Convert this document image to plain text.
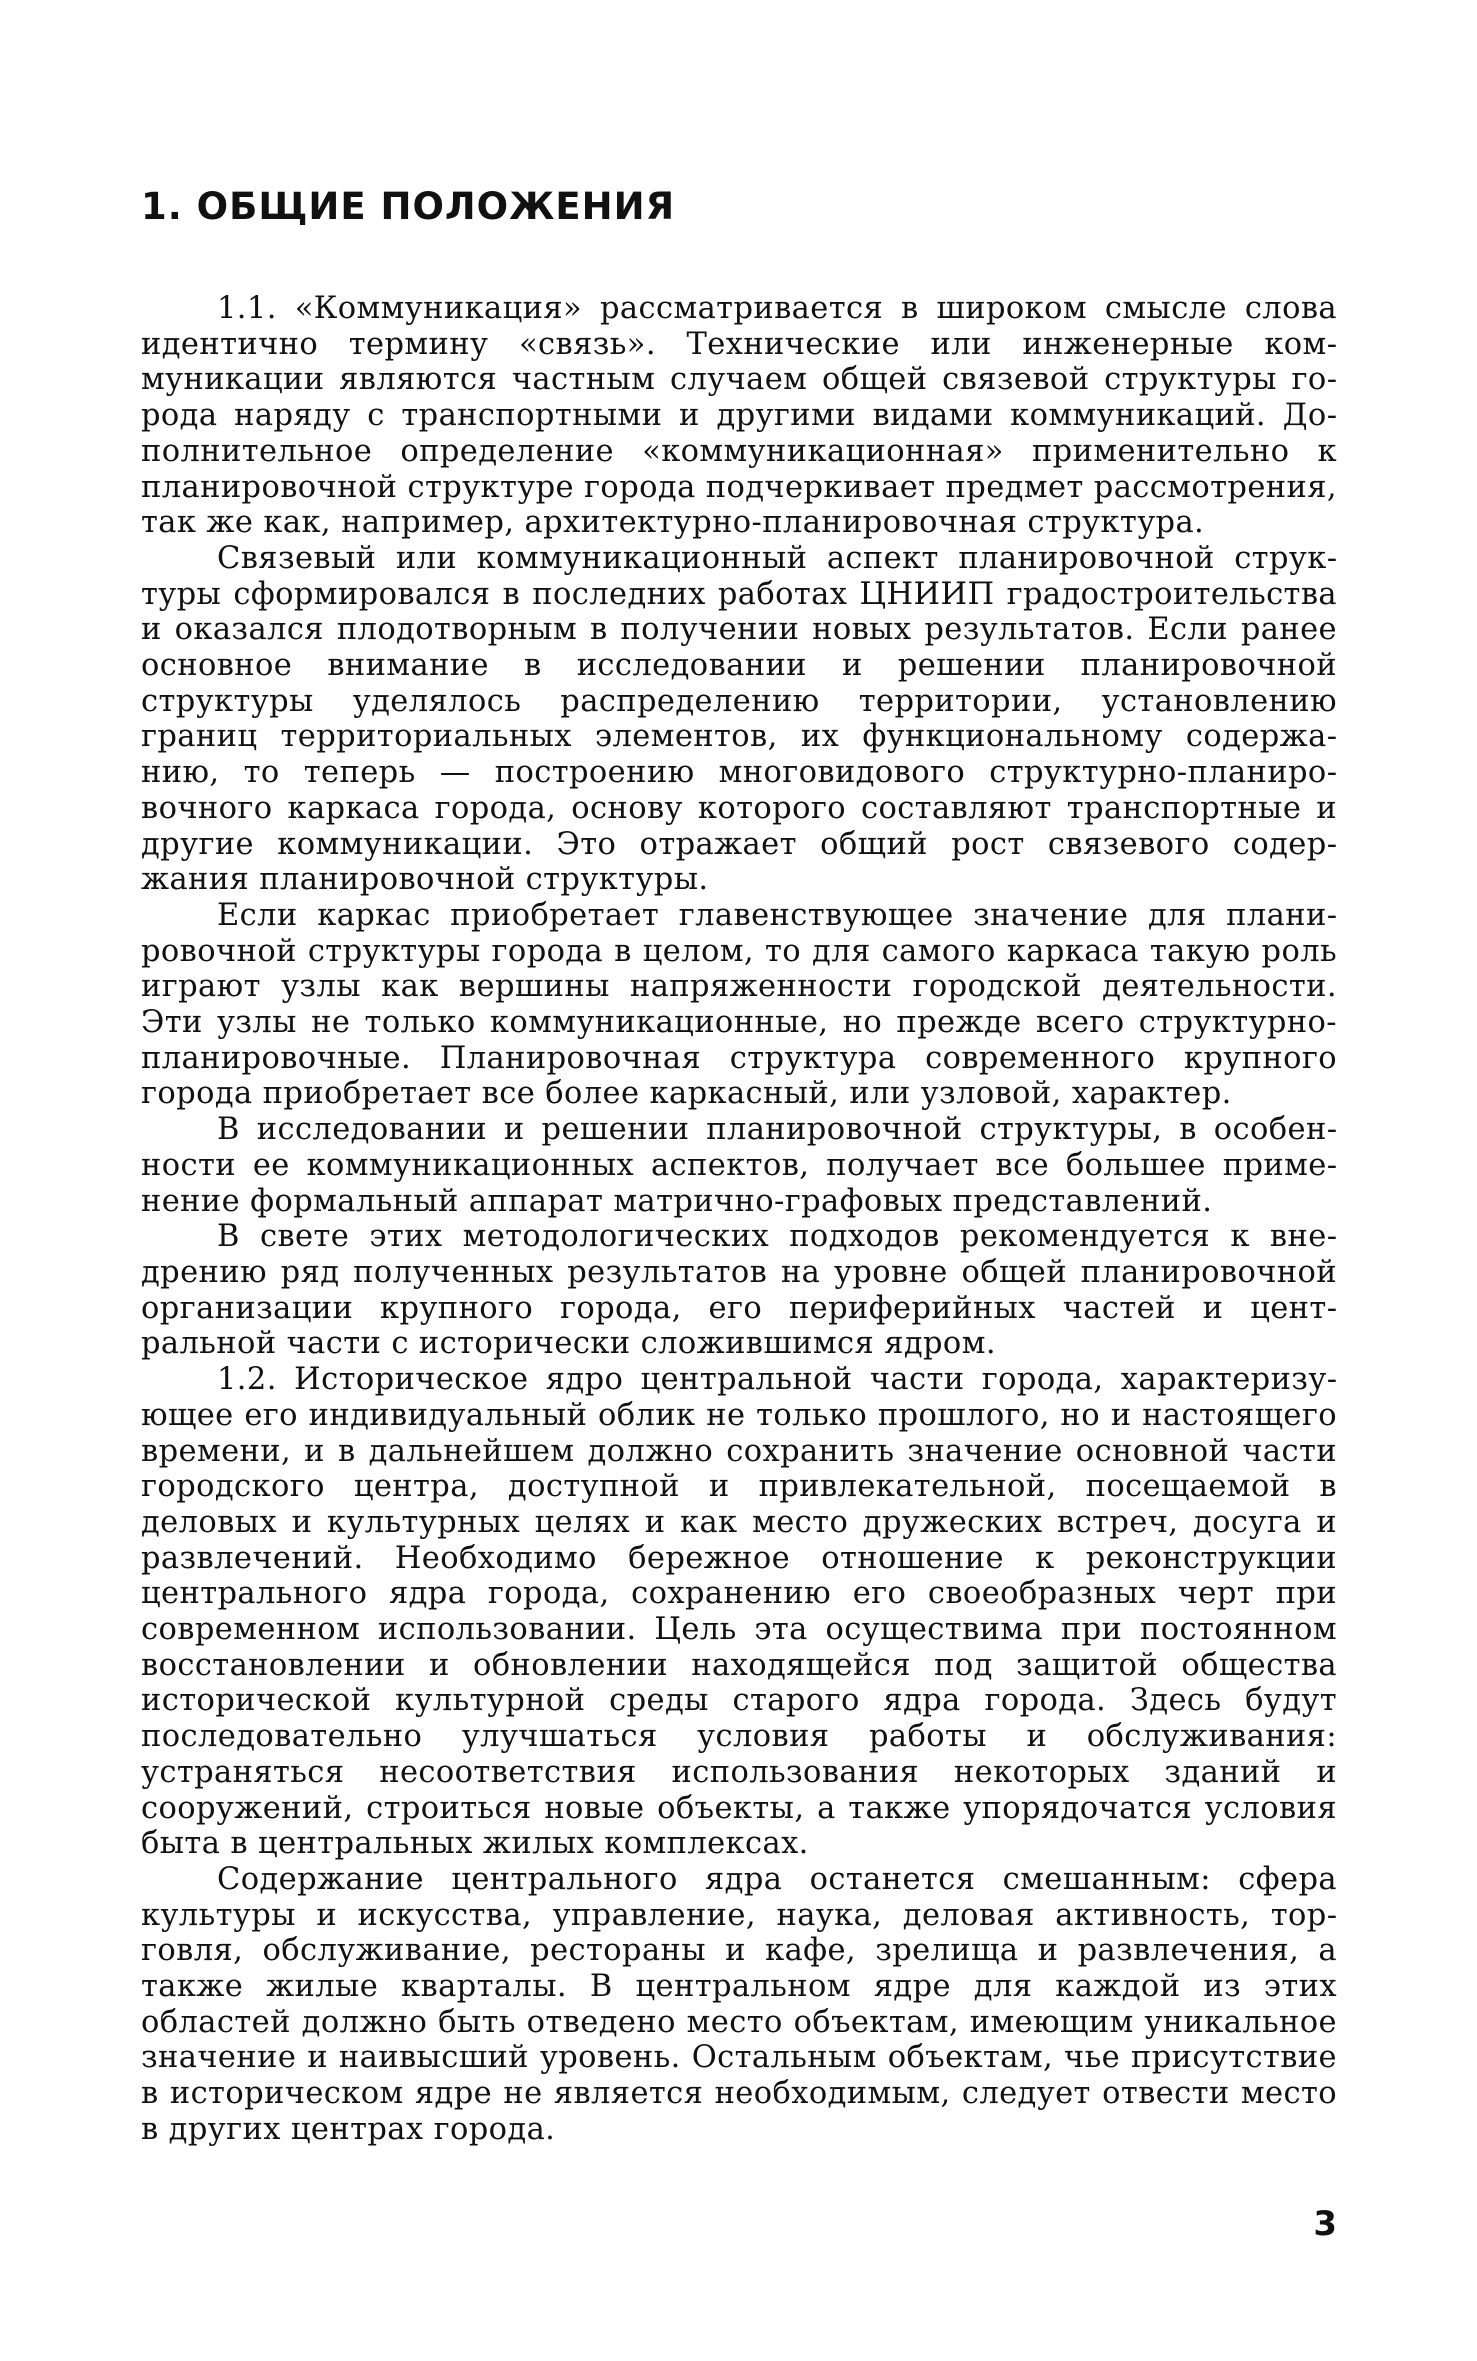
1. ОБЩИЕ ПОЛОЖЕНИЯ

1.1. «Коммуникация» рассматривается в широком смысле слова идентично термину «связь». Технические или инженерные коммуникации являются частным случаем общей связевой структуры города наряду с транспортными и другими видами коммуникаций. Дополнительное определение «коммуникационная» применительно к планировочной структуре города подчеркивает предмет рассмотрения, так же как, например, архитектурно-планировочная структура.

Связевый или коммуникационный аспект планировочной структуры сформировался в последних работах ЦНИИП градостроительства и оказался плодотворным в получении новых результатов. Если ранее основное внимание в исследовании и решении планировочной структуры уделялось распределению территории, установлению границ территориальных элементов, их функциональному содержанию, то теперь — построению многовидового структурно-планировочного каркаса города, основу которого составляют транспортные и другие коммуникации. Это отражает общий рост связевого содержания планировочной структуры.

Если каркас приобретает главенствующее значение для планировочной структуры города в целом, то для самого каркаса такую роль играют узлы как вершины напряженности городской деятельности. Эти узлы не только коммуникационные, но прежде всего структурно-планировочные. Планировочная структура современного крупного города приобретает все более каркасный, или узловой, характер.

В исследовании и решении планировочной структуры, в особенности ее коммуникационных аспектов, получает все большее применение формальный аппарат матрично-графовых представлений.

В свете этих методологических подходов рекомендуется к внедрению ряд полученных результатов на уровне общей планировочной организации крупного города, его периферийных частей и центральной части с исторически сложившимся ядром.

1.2. Историческое ядро центральной части города, характеризующее его индивидуальный облик не только прошлого, но и настоящего времени, и в дальнейшем должно сохранить значение основной части городского центра, доступной и привлекательной, посещаемой в деловых и культурных целях и как место дружеских встреч, досуга и развлечений. Необходимо бережное отношение к реконструкции центрального ядра города, сохранению его своеобразных черт при современном использовании. Цель эта осуществима при постоянном восстановлении и обновлении находящейся под защитой общества исторической культурной среды старого ядра города. Здесь будут последовательно улучшаться условия работы и обслуживания: устраняться несоответствия использования некоторых зданий и сооружений, строиться новые объекты, а также упорядочатся условия быта в центральных жилых комплексах.

Содержание центрального ядра останется смешанным: сфера культуры и искусства, управление, наука, деловая активность, торговля, обслуживание, рестораны и кафе, зрелища и развлечения, а также жилые кварталы. В центральном ядре для каждой из этих областей должно быть отведено место объектам, имеющим уникальное значение и наивысший уровень. Остальным объектам, чье присутствие в историческом ядре не является необходимым, следует отвести место в других центрах города.

3
